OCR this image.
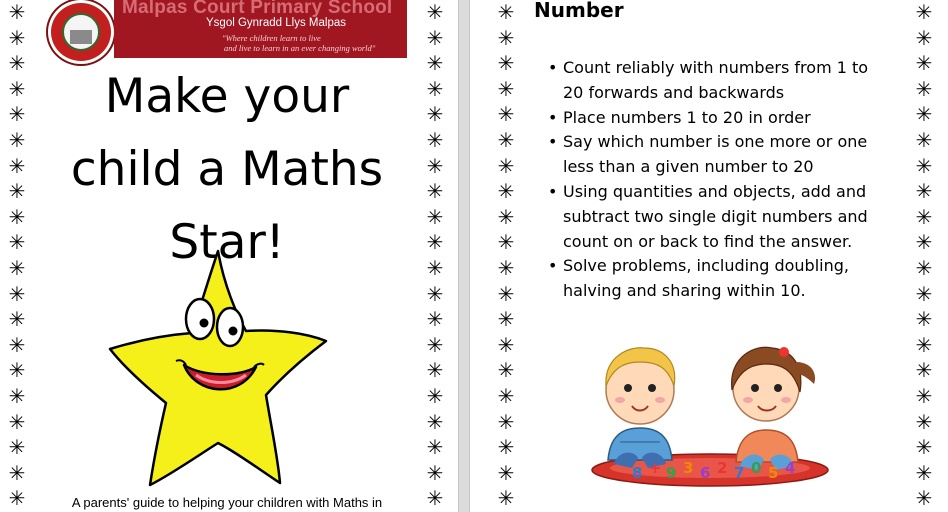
✳
✳
✳
✳
✳
✳
✳
✳
✳
✳
✳
✳
✳
✳
✳
✳
✳
✳
✳
✳
✳
✳
✳
✳
✳
✳
✳
✳
✳
✳
✳
✳
✳
✳
✳
✳
✳
✳
✳
✳
Malpas Court Primary School
Ysgol Gynradd Llys Malpas
"Where children learn to live
and live to learn in an ever changing world"
Make your
child a Maths
Star!
A parents' guide to helping your children with Maths in
✳
✳
✳
✳
✳
✳
✳
✳
✳
✳
✳
✳
✳
✳
✳
✳
✳
✳
✳
✳
✳
✳
✳
✳
✳
✳
✳
✳
✳
✳
✳
✳
✳
✳
✳
✳
✳
✳
✳
✳
Number
• Count reliably with numbers from 1 to
20 forwards and backwards
• Place numbers 1 to 20 in order
• Say which number is one more or one
less than a given number to 20
• Using quantities and objects, add and
subtract two single digit numbers and
count on or back to find the answer.
• Solve problems, including doubling,
halving and sharing within 10.
8 + 9 3 6 2 7 0 5 4
